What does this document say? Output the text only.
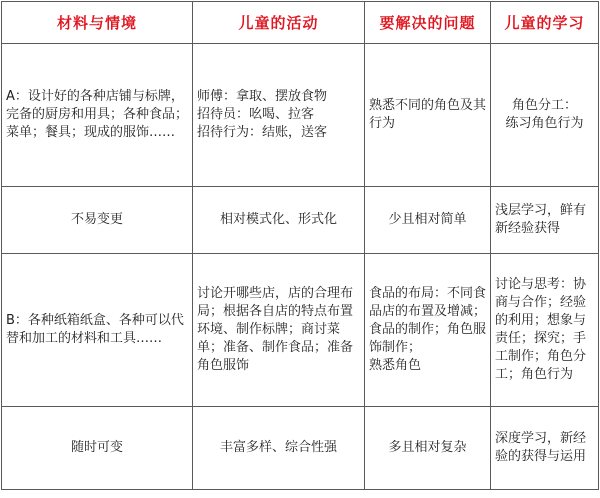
材料与情境	儿童的活动	要解决的问题	儿童的学习
A：设计好的各种店铺与标牌，完备的厨房和用具；各种食品；菜单；餐具；现成的服饰……	师傅：拿取、摆放食物
招待员：吆喝、拉客
招待行为：结账，送客	熟悉不同的角色及其行为	角色分工：
练习角色行为
不易变更	相对模式化、形式化	少且相对简单	浅层学习，鲜有新经验获得
B：各种纸箱纸盒、各种可以代替和加工的材料和工具……	讨论开哪些店，店的合理布局；根据各自店的特点布置环境、制作标牌；商讨菜单；准备、制作食品；准备角色服饰	食品的布局：不同食品店的布置及增减；食品的制作；角色服饰制作；
熟悉角色	讨论与思考：协商与合作；经验的利用；想象与责任；探究；手工制作；角色分工；角色行为
随时可变	丰富多样、综合性强	多且相对复杂	深度学习，新经验的获得与运用
